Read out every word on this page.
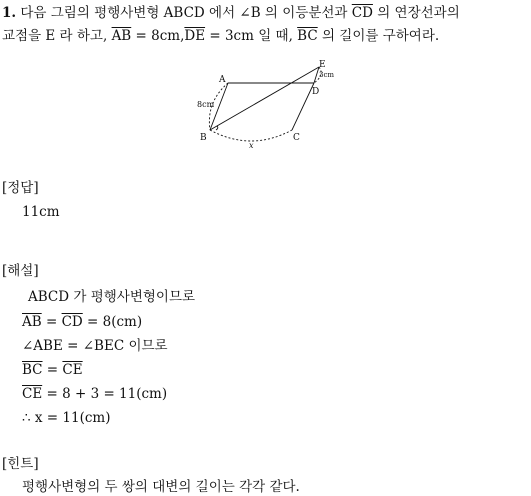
1. 다음 그림의 평행사변형 ABCD 에서 ∠B 의 이등분선과 $\overline{CD}$ 의 연장선과의
교점을 E 라 하고, $\overline{AB} = 8cm,\overline{DE} = 3cm$ 일 때, $\overline{BC}$ 의 길이를 구하여라.
A
B	C
D
E
8cm
3cm
x
[정답]
11cm
[해설]
ABCD 가 평행사변형이므로
$\overline{AB} = \overline{CD} = 8(cm)$
∠ABE = ∠BEC 이므로
$\overline{BC} = \overline{CE}$
$\overline{CE} = 8 + 3 = 11(cm)$
∴ x = 11(cm)
[힌트]
평행사변형의 두 쌍의 대변의 길이는 각각 같다.
